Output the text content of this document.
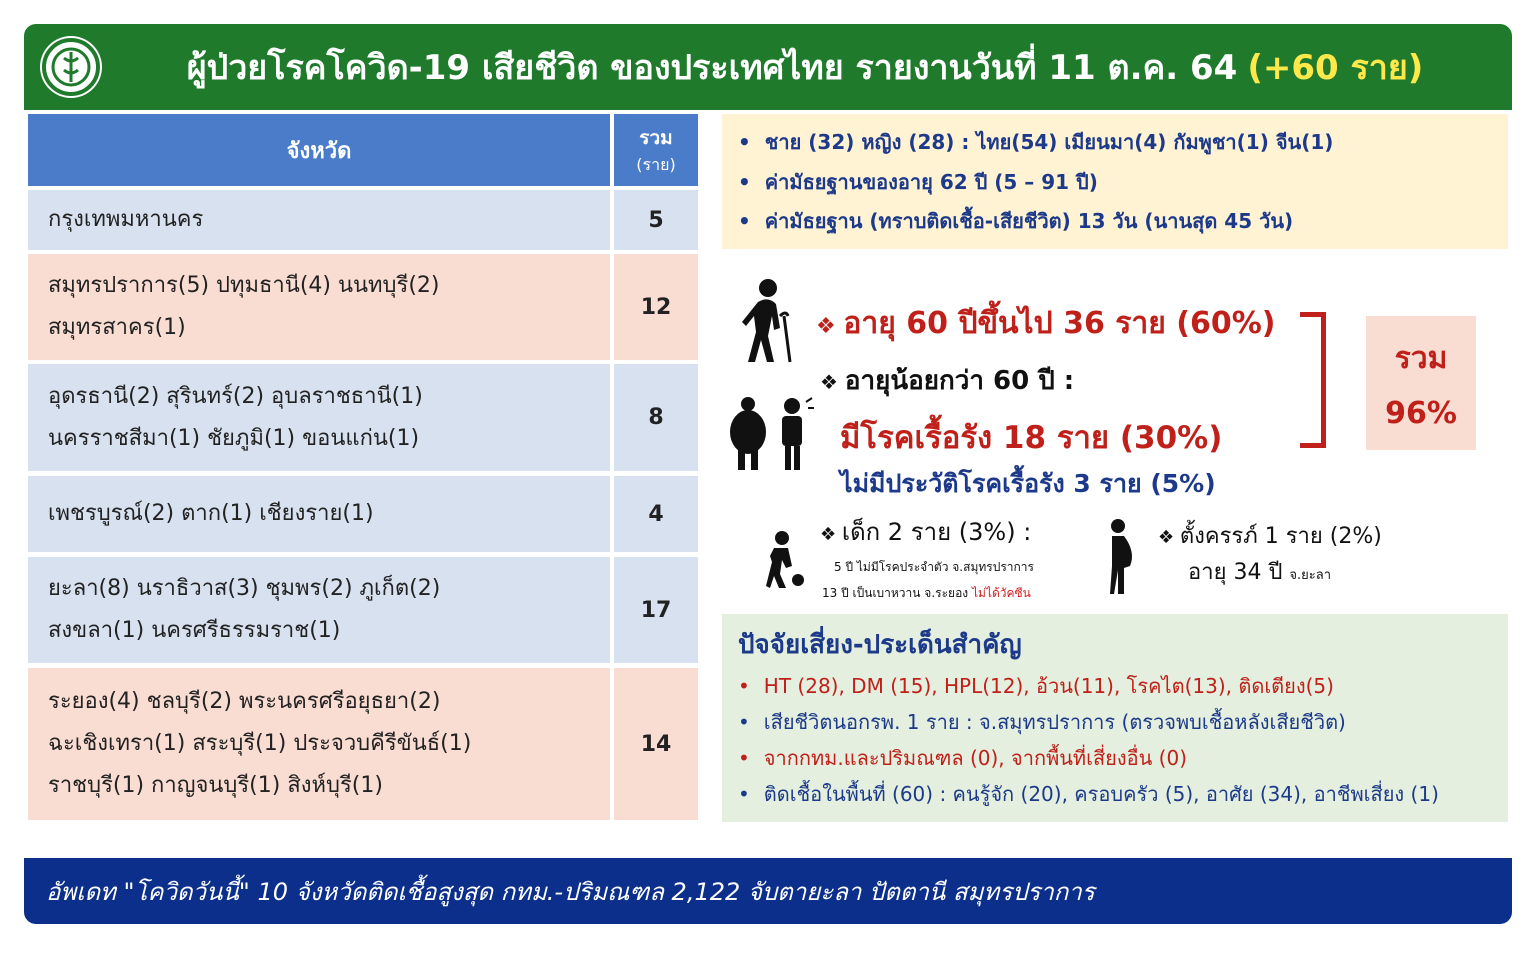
ผู้ป่วยโรคโควิด-19 เสียชีวิต ของประเทศไทย รายงานวันที่ 11 ต.ค. 64 (+60 ราย)
จังหวัด
รวม
(ราย)
กรุงเทพมหานคร	5
สมุทรปราการ(5) ปทุมธานี(4) นนทบุรี(2)
สมุทรสาคร(1)
12
อุดรธานี(2) สุรินทร์(2) อุบลราชธานี(1)
นครราชสีมา(1) ชัยภูมิ(1) ขอนแก่น(1)
8
เพชรบูรณ์(2) ตาก(1) เชียงราย(1)	4
ยะลา(8) นราธิวาส(3) ชุมพร(2) ภูเก็ต(2)
สงขลา(1) นครศรีธรรมราช(1)
17
ระยอง(4) ชลบุรี(2) พระนครศรีอยุธยา(2)
ฉะเชิงเทรา(1) สระบุรี(1) ประจวบคีรีขันธ์(1)
ราชบุรี(1) กาญจนบุรี(1) สิงห์บุรี(1)
14
• ชาย (32) หญิง (28) : ไทย(54) เมียนมา(4) กัมพูชา(1) จีน(1)
• ค่ามัธยฐานของอายุ 62 ปี (5 – 91 ปี)
• ค่ามัธยฐาน (ทราบติดเชื้อ-เสียชีวิต) 13 วัน (นานสุด 45 วัน)
❖ อายุ 60 ปีขึ้นไป 36 ราย (60%)
❖ อายุน้อยกว่า 60 ปี :
มีโรคเรื้อรัง 18 ราย (30%)
ไม่มีประวัติโรคเรื้อรัง 3 ราย (5%)
รวม
96%
❖ เด็ก 2 ราย (3%) :
5 ปี ไม่มีโรคประจำตัว จ.สมุทรปราการ
13 ปี เป็นเบาหวาน จ.ระยอง ไม่ได้วัคซีน
❖ ตั้งครรภ์ 1 ราย (2%)
อายุ 34 ปี จ.ยะลา
ปัจจัยเสี่ยง-ประเด็นสำคัญ
• HT (28), DM (15), HPL(12), อ้วน(11), โรคไต(13), ติดเตียง(5)
• เสียชีวิตนอกรพ. 1 ราย : จ.สมุทรปราการ (ตรวจพบเชื้อหลังเสียชีวิต)
• จากกทม.และปริมณฑล (0), จากพื้นที่เสี่ยงอื่น (0)
• ติดเชื้อในพื้นที่ (60) : คนรู้จัก (20), ครอบครัว (5), อาศัย (34), อาชีพเสี่ยง (1)
อัพเดท "โควิดวันนี้" 10 จังหวัดติดเชื้อสูงสุด กทม.-ปริมณฑล 2,122 จับตายะลา ปัตตานี สมุทรปราการ
